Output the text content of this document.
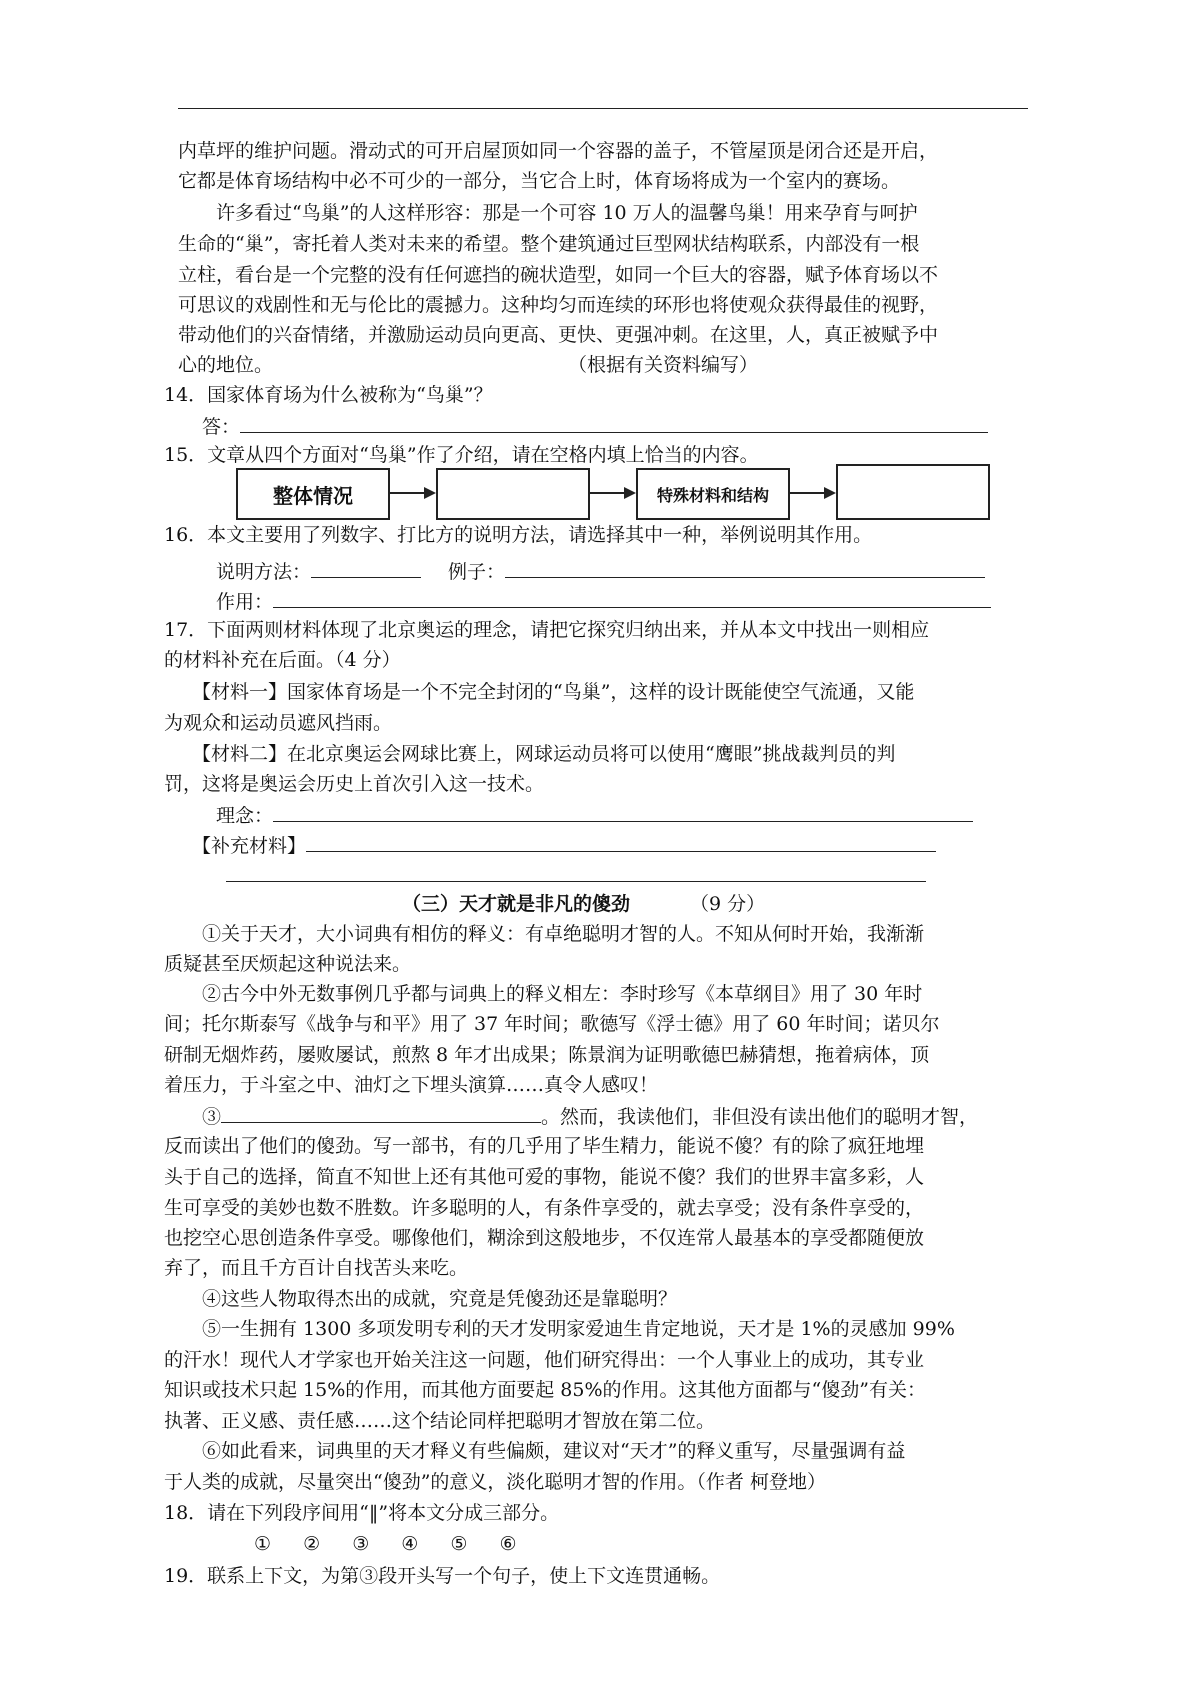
内草坪的维护问题。滑动式的可开启屋顶如同一个容器的盖子，不管屋顶是闭合还是开启，
它都是体育场结构中必不可少的一部分，当它合上时，体育场将成为一个室内的赛场。
　　许多看过“鸟巢”的人这样形容：那是一个可容 10 万人的温馨鸟巢！用来孕育与呵护
生命的“巢”，寄托着人类对未来的希望。整个建筑通过巨型网状结构联系，内部没有一根
立柱，看台是一个完整的没有任何遮挡的碗状造型，如同一个巨大的容器，赋予体育场以不
可思议的戏剧性和无与伦比的震撼力。这种均匀而连续的环形也将使观众获得最佳的视野，
带动他们的兴奋情绪，并激励运动员向更高、更快、更强冲刺。在这里，人，真正被赋予中
心的地位。	（根据有关资料编写）
14．国家体育场为什么被称为“鸟巢”？
答：
15．文章从四个方面对“鸟巢”作了介绍，请在空格内填上恰当的内容。
整体情况	特殊材料和结构
16．本文主要用了列数字、打比方的说明方法，请选择其中一种，举例说明其作用。
说明方法：	例子：
作用：
17．下面两则材料体现了北京奥运的理念，请把它探究归纳出来，并从本文中找出一则相应
的材料补充在后面。（4 分）
【材料一】国家体育场是一个不完全封闭的“鸟巢”，这样的设计既能使空气流通，又能
为观众和运动员遮风挡雨。
【材料二】在北京奥运会网球比赛上，网球运动员将可以使用“鹰眼”挑战裁判员的判
罚，这将是奥运会历史上首次引入这一技术。
理念：
【补充材料】
（三）天才就是非凡的傻劲	（9 分）
　　①关于天才，大小词典有相仿的释义：有卓绝聪明才智的人。不知从何时开始，我渐渐
质疑甚至厌烦起这种说法来。
　　②古今中外无数事例几乎都与词典上的释义相左：李时珍写《本草纲目》用了 30 年时
间；托尔斯泰写《战争与和平》用了 37 年时间；歌德写《浮士德》用了 60 年时间；诺贝尔
研制无烟炸药，屡败屡试，煎熬 8 年才出成果；陈景润为证明歌德巴赫猜想，拖着病体，顶
着压力，于斗室之中、油灯之下埋头演算……真令人感叹！
　　③	。然而，我读他们，非但没有读出他们的聪明才智，
反而读出了他们的傻劲。写一部书，有的几乎用了毕生精力，能说不傻？有的除了疯狂地埋
头于自己的选择，简直不知世上还有其他可爱的事物，能说不傻？我们的世界丰富多彩，人
生可享受的美妙也数不胜数。许多聪明的人，有条件享受的，就去享受；没有条件享受的，
也挖空心思创造条件享受。哪像他们，糊涂到这般地步，不仅连常人最基本的享受都随便放
弃了，而且千方百计自找苦头来吃。
　　④这些人物取得杰出的成就，究竟是凭傻劲还是靠聪明？
　　⑤一生拥有 1300 多项发明专利的天才发明家爱迪生肯定地说，天才是 1%的灵感加 99%
的汗水！现代人才学家也开始关注这一问题，他们研究得出：一个人事业上的成功，其专业
知识或技术只起 15%的作用，而其他方面要起 85%的作用。这其他方面都与“傻劲”有关：
执著、正义感、责任感……这个结论同样把聪明才智放在第二位。
　　⑥如此看来，词典里的天才释义有些偏颇，建议对“天才”的释义重写，尽量强调有益
于人类的成就，尽量突出“傻劲”的意义，淡化聪明才智的作用。（作者 柯登地）
18．请在下列段序间用“‖”将本文分成三部分。
① ② ③ ④ ⑤ ⑥
19．联系上下文，为第③段开头写一个句子，使上下文连贯通畅。
